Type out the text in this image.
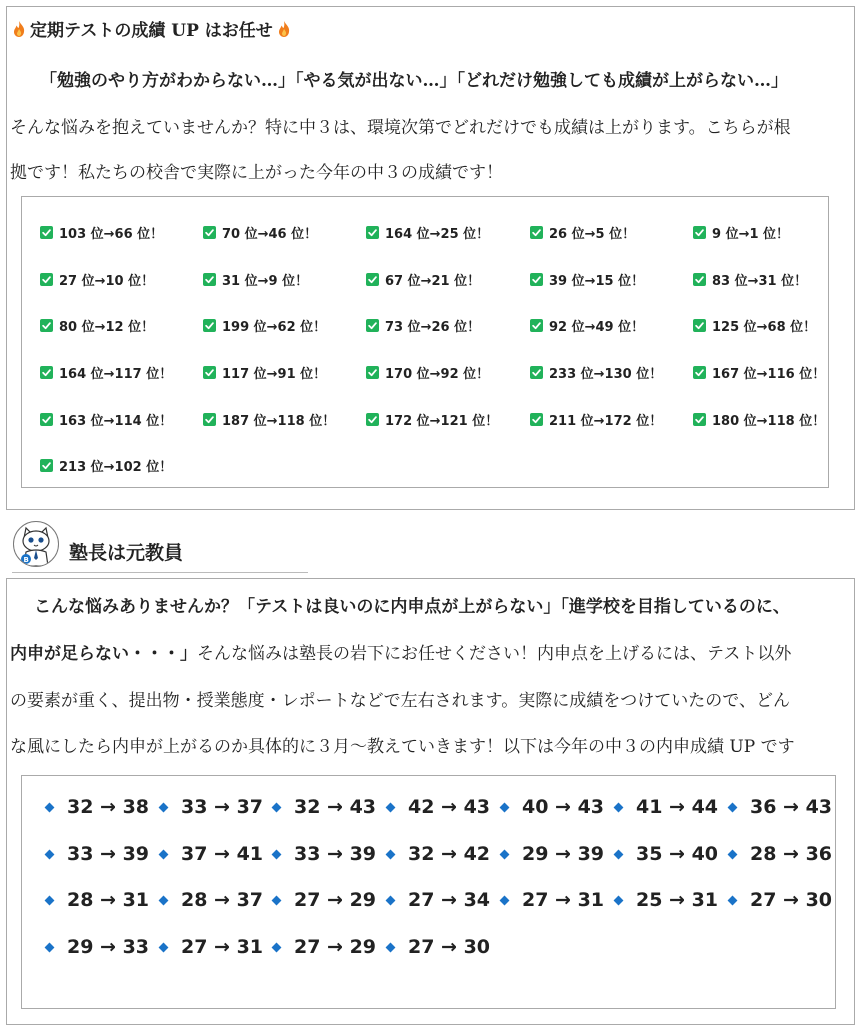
定期テストの成績 UP はお任せ
「勉強のやり方がわからない…」「やる気が出ない…」「どれだけ勉強しても成績が上がらない…」
そんな悩みを抱えていませんか？特に中３は、環境次第でどれだけでも成績は上がります。こちらが根
拠です！私たちの校舎で実際に上がった今年の中３の成績です！
103 位→66 位！	70 位→46 位！	164 位→25 位！	26 位→5 位！	9 位→1 位！
27 位→10 位！	31 位→9 位！	67 位→21 位！	39 位→15 位！	83 位→31 位！
80 位→12 位！	199 位→62 位！	73 位→26 位！	92 位→49 位！	125 位→68 位！
164 位→117 位！	117 位→91 位！	170 位→92 位！	233 位→130 位！	167 位→116 位！
163 位→114 位！	187 位→118 位！	172 位→121 位！	211 位→172 位！	180 位→118 位！
213 位→102 位！
B 塾長は元教員
こんな悩みありませんか？「テストは良いのに内申点が上がらない」「進学校を目指しているのに、
内申が足らない・・・」そんな悩みは塾長の岩下にお任せください！内申点を上げるには、テスト以外
の要素が重く、提出物・授業態度・レポートなどで左右されます。実際に成績をつけていたので、どん
な風にしたら内申が上がるのか具体的に３月～教えていきます！以下は今年の中３の内申成績 UP です
32 → 38 33 → 37 32 → 43 42 → 43 40 → 43 41 → 44 36 → 43
33 → 39 37 → 41 33 → 39 32 → 42 29 → 39 35 → 40 28 → 36
28 → 31 28 → 37 27 → 29 27 → 34 27 → 31 25 → 31 27 → 30
29 → 33 27 → 31 27 → 29 27 → 30
